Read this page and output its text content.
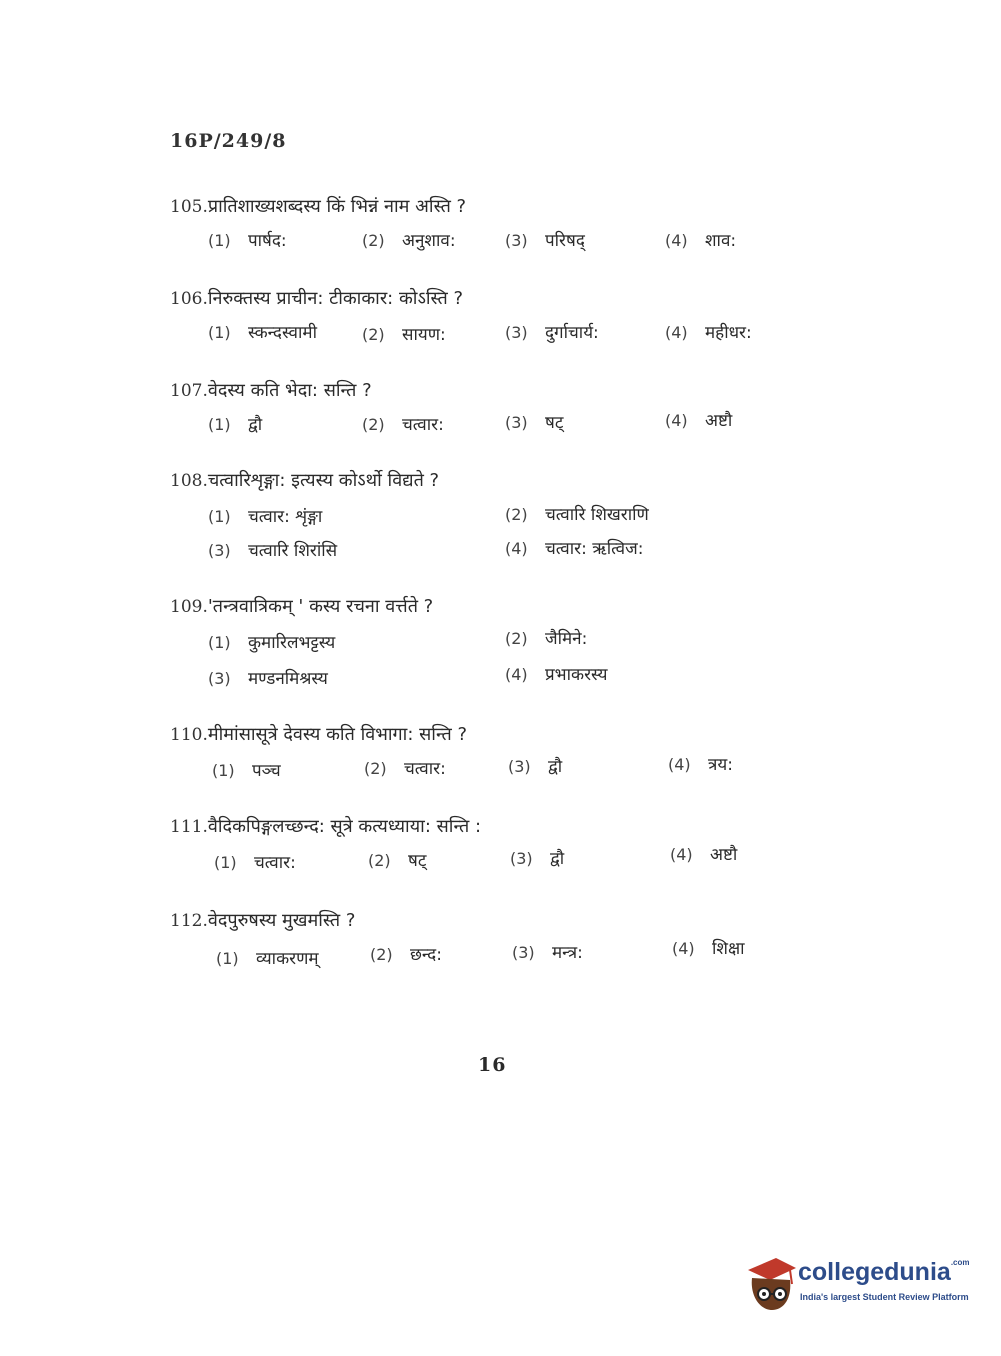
16P/249/8
105.प्रातिशाख्यशब्दस्य किं भिन्नं नाम अस्ति ?
(1) पार्षद:	(2) अनुशाव:	(3) परिषद्	(4) शाव:
106.निरुक्तस्य प्राचीन: टीकाकार: कोऽस्ति ?
(1) स्कन्दस्वामी	(2) सायण:	(3) दुर्गाचार्य:	(4) महीधर:
107.वेदस्य कति भेदा: सन्ति ?
(1) द्वौ	(2) चत्वार:	(3) षट्	(4) अष्टौ
108.चत्वारिशृङ्गा: इत्यस्य कोऽर्थो विद्यते ?
(1) चत्वार: शृंङ्गा	(2) चत्वारि शिखराणि
(3) चत्वारि शिरांसि	(4) चत्वार: ऋत्विज:
109.'तन्त्रवात्रिकम् ' कस्य रचना वर्त्तते ?
(1) कुमारिलभट्टस्य	(2) जैमिने:
(3) मण्डनमिश्रस्य	(4) प्रभाकरस्य
110.मीमांसासूत्रे देवस्य कति विभागा: सन्ति ?
(1) पञ्च	(2) चत्वार:	(3) द्वौ	(4) त्रय:
111.वैदिकपिङ्गलच्छन्द: सूत्रे कत्यध्याया: सन्ति :
(1) चत्वार:	(2) षट्	(3) द्वौ	(4) अष्टौ
112.वेदपुरुषस्य मुखमस्ति ?
(1) व्याकरणम्	(2) छन्द:	(3) मन्त्र:	(4) शिक्षा
16
collegedunia$^{.com}$
India's largest Student Review Platform
